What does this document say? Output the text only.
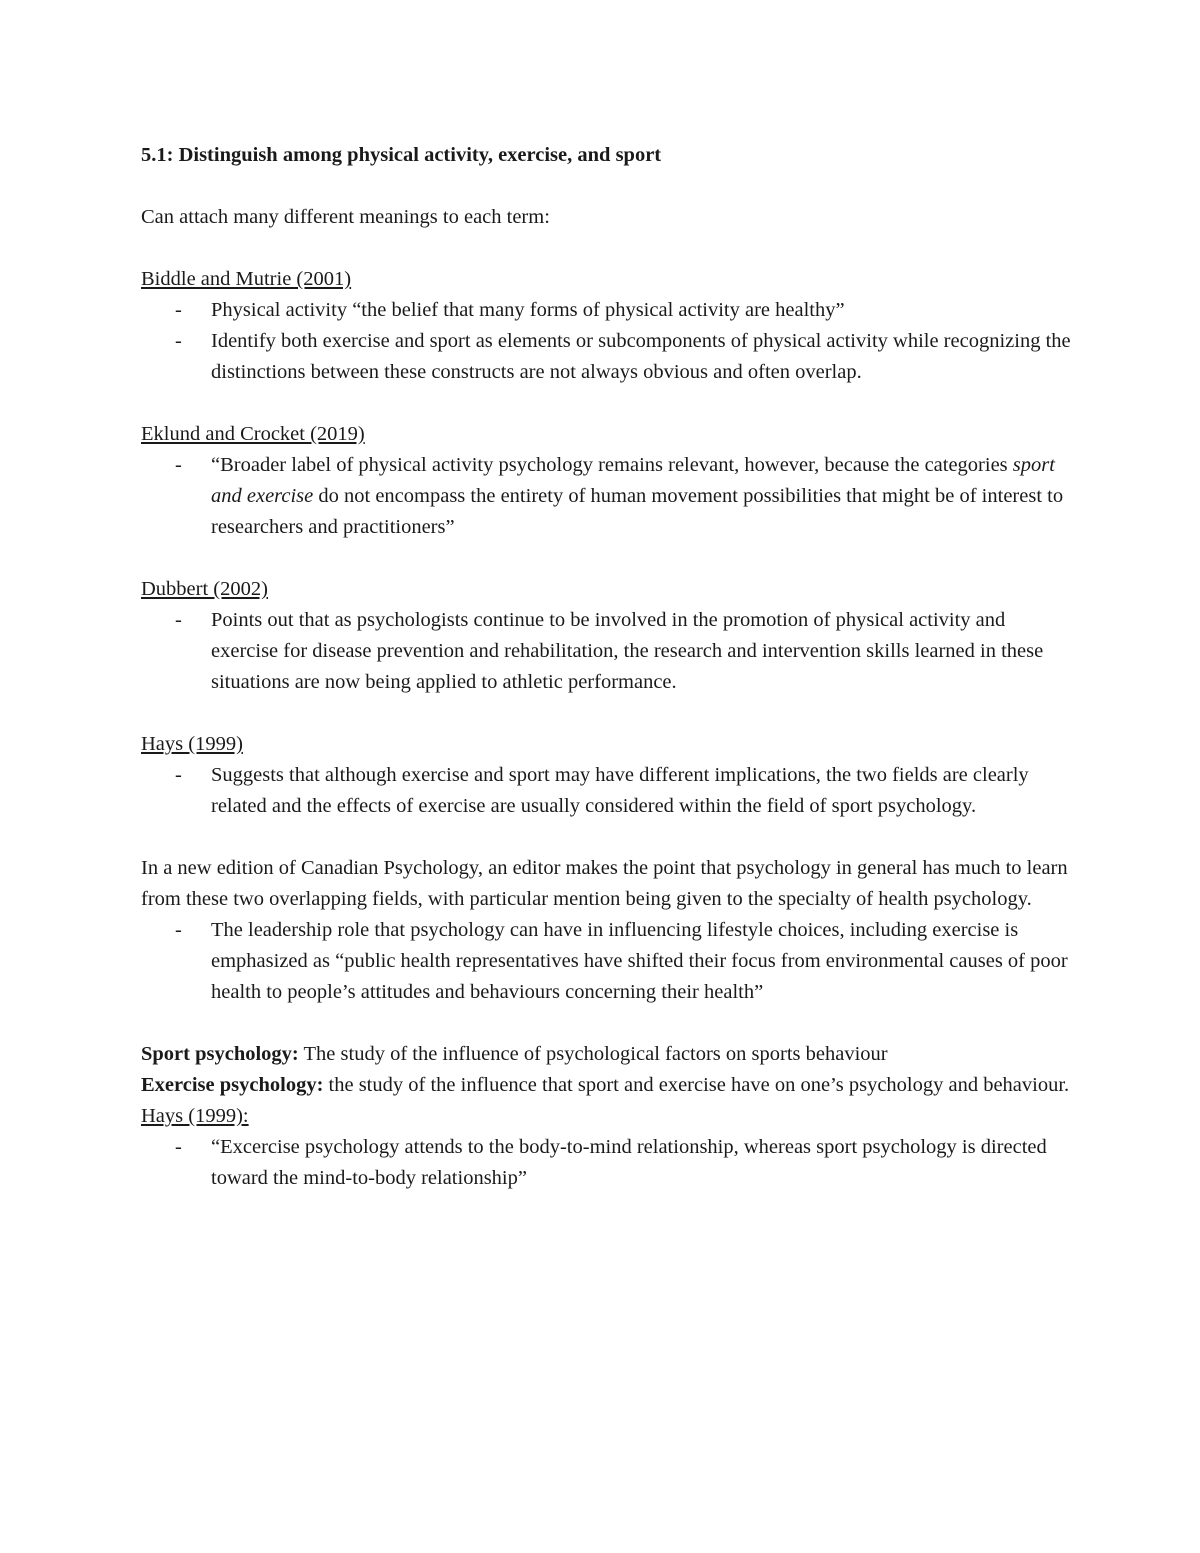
5.1: Distinguish among physical activity, exercise, and sport

Can attach many different meanings to each term:

Biddle and Mutrie (2001)

- Physical activity “the belief that many forms of physical activity are healthy”
- Identify both exercise and sport as elements or subcomponents of physical activity while recognizing the distinctions between these constructs are not always obvious and often overlap.

Eklund and Crocket (2019)

- “Broader label of physical activity psychology remains relevant, however, because the categories sport and exercise do not encompass the entirety of human movement possibilities that might be of interest to researchers and practitioners”

Dubbert (2002)

- Points out that as psychologists continue to be involved in the promotion of physical activity and exercise for disease prevention and rehabilitation, the research and intervention skills learned in these situations are now being applied to athletic performance.

Hays (1999)

- Suggests that although exercise and sport may have different implications, the two fields are clearly related and the effects of exercise are usually considered within the field of sport psychology.

In a new edition of Canadian Psychology, an editor makes the point that psychology in general has much to learn from these two overlapping fields, with particular mention being given to the specialty of health psychology.

- The leadership role that psychology can have in influencing lifestyle choices, including exercise is emphasized as “public health representatives have shifted their focus from environmental causes of poor health to people’s attitudes and behaviours concerning their health”

Sport psychology: The study of the influence of psychological factors on sports behaviour

Exercise psychology: the study of the influence that sport and exercise have on one’s psychology and behaviour.

Hays (1999):

- “Excercise psychology attends to the body-to-mind relationship, whereas sport psychology is directed toward the mind-to-body relationship”
